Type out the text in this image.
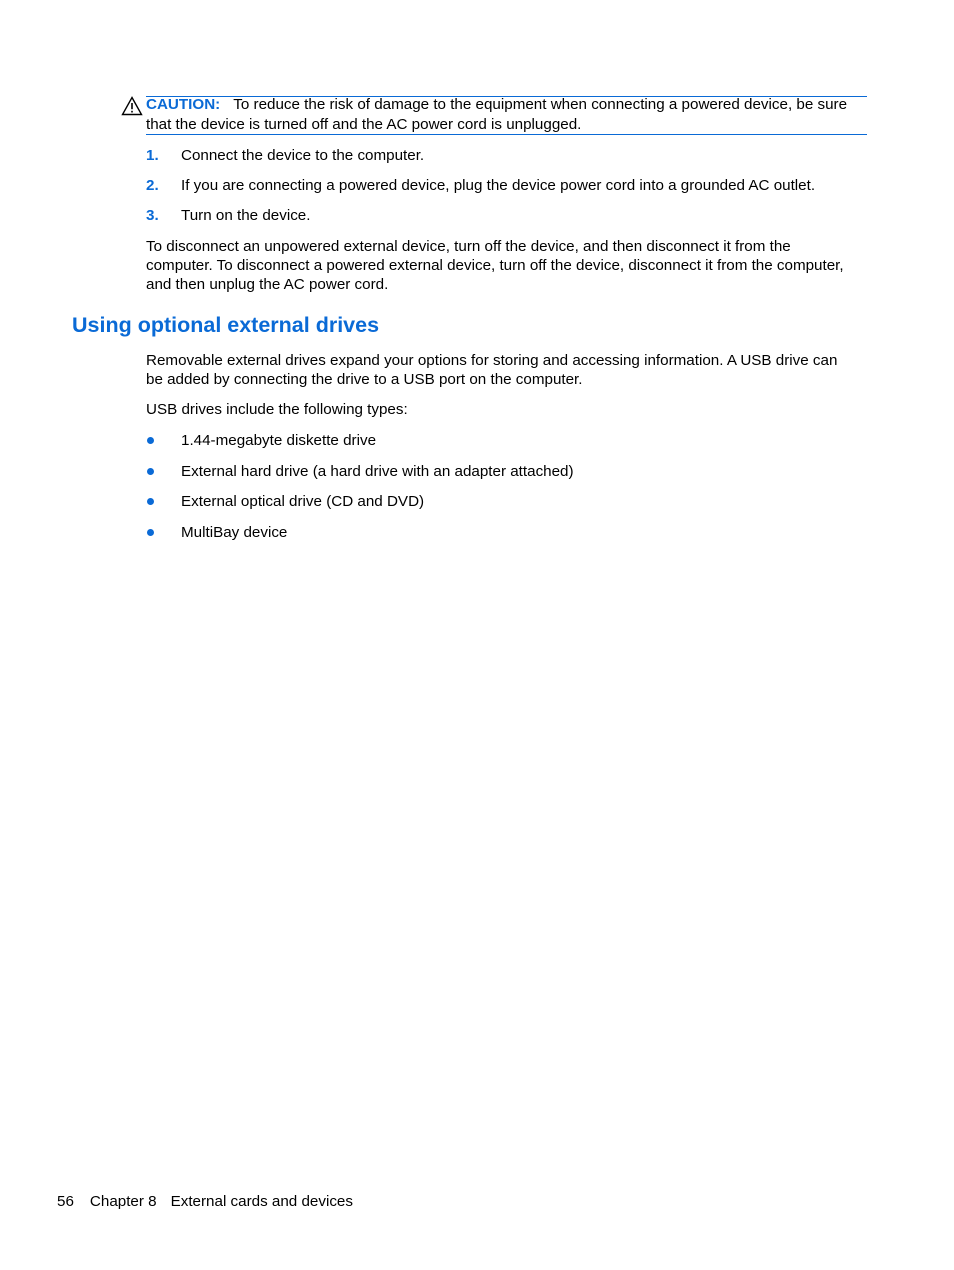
CAUTION: To reduce the risk of damage to the equipment when connecting a powered device, be sure that the device is turned off and the AC power cord is unplugged.
1. Connect the device to the computer.
2. If you are connecting a powered device, plug the device power cord into a grounded AC outlet.
3. Turn on the device.

To disconnect an unpowered external device, turn off the device, and then disconnect it from the computer. To disconnect a powered external device, turn off the device, disconnect it from the computer, and then unplug the AC power cord.

Using optional external drives

Removable external drives expand your options for storing and accessing information. A USB drive can be added by connecting the drive to a USB port on the computer.

USB drives include the following types:

1.44-megabyte diskette drive
External hard drive (a hard drive with an adapter attached)
External optical drive (CD and DVD)
MultiBay device
56 Chapter 8 External cards and devices
